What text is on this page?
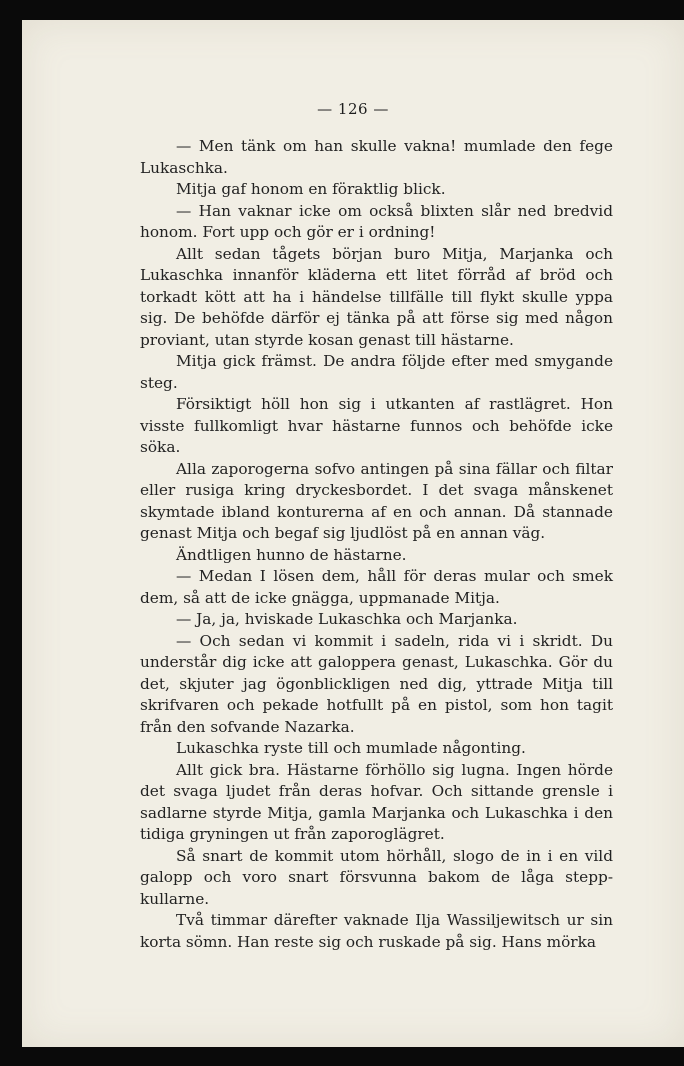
— 126 —

— Men tänk om han skulle vakna! mumlade den fege Lukaschka.

Mitja gaf honom en föraktlig blick.

— Han vaknar icke om också blixten slår ned bredvid honom. Fort upp och gör er i ordning!

Allt sedan tågets början buro Mitja, Marjanka och Lukaschka innanför kläderna ett litet förråd af bröd och torkadt kött att ha i händelse tillfälle till flykt skulle yppa sig. De behöfde därför ej tänka på att förse sig med någon proviant, utan styrde kosan genast till hästarne.

Mitja gick främst. De andra följde efter med smygande steg.

Försiktigt höll hon sig i utkanten af rastlägret. Hon visste fullkomligt hvar hästarne funnos och behöfde icke söka.

Alla zaporogerna sofvo antingen på sina fällar och filtar eller rusiga kring dryckesbordet. I det svaga månskenet skymtade ibland konturerna af en och annan. Då stannade genast Mitja och begaf sig ljudlöst på en annan väg.

Ändtligen hunno de hästarne.

— Medan I lösen dem, håll för deras mular och smek dem, så att de icke gnägga, uppmanade Mitja.

— Ja, ja, hviskade Lukaschka och Marjanka.

— Och sedan vi kommit i sadeln, rida vi i skridt. Du understår dig icke att galoppera genast, Lukaschka. Gör du det, skjuter jag ögonblickligen ned dig, yttrade Mitja till skrifvaren och pekade hotfullt på en pistol, som hon tagit från den sofvande Nazarka.

Lukaschka ryste till och mumlade någonting.

Allt gick bra. Hästarne förhöllo sig lugna. Ingen hörde det svaga ljudet från deras hofvar. Och sittande grensle i sadlarne styrde Mitja, gamla Marjanka och Lukaschka i den tidiga gryningen ut från zaporoglägret.

Så snart de kommit utom hörhåll, slogo de in i en vild galopp och voro snart försvunna bakom de låga stepp-kullarne.

Två timmar därefter vaknade Ilja Wassiljewitsch ur sin korta sömn. Han reste sig och ruskade på sig. Hans mörka
